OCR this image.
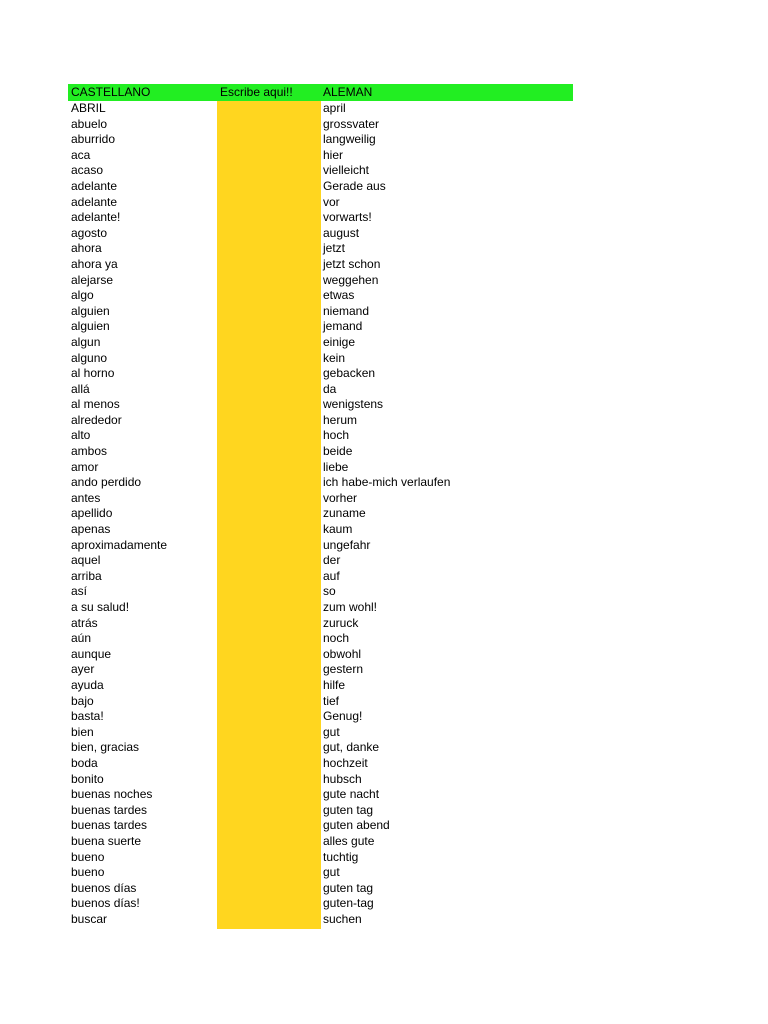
CASTELLANO	Escribe aqui!!	ALEMAN
ABRIL	april
abuelo	grossvater
aburrido	langweilig
aca	hier
acaso	vielleicht
adelante	Gerade aus
adelante	vor
adelante!	vorwarts!
agosto	august
ahora	jetzt
ahora ya	jetzt schon
alejarse	weggehen
algo	etwas
alguien	niemand
alguien	jemand
algun	einige
alguno	kein
al horno	gebacken
allá	da
al menos	wenigstens
alrededor	herum
alto	hoch
ambos	beide
amor	liebe
ando perdido	ich habe-mich verlaufen
antes	vorher
apellido	zuname
apenas	kaum
aproximadamente	ungefahr
aquel	der
arriba	auf
así	so
a su salud!	zum wohl!
atrás	zuruck
aún	noch
aunque	obwohl
ayer	gestern
ayuda	hilfe
bajo	tief
basta!	Genug!
bien	gut
bien, gracias	gut, danke
boda	hochzeit
bonito	hubsch
buenas noches	gute nacht
buenas tardes	guten tag
buenas tardes	guten abend
buena suerte	alles gute
bueno	tuchtig
bueno	gut
buenos días	guten tag
buenos días!	guten-tag
buscar	suchen
